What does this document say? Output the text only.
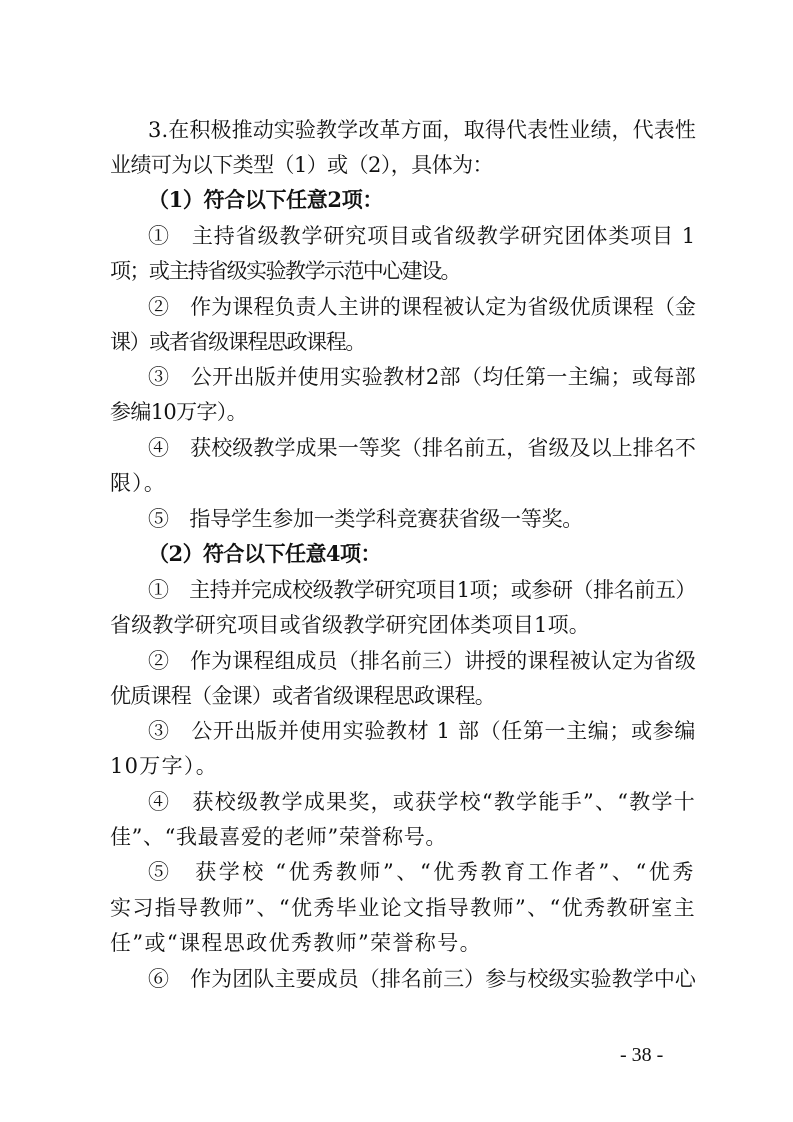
3.在积极推动实验教学改革方面，取得代表性业绩，代表性
业绩可为以下类型（1）或（2），具体为：
（1）符合以下任意2项：
①　主持省级教学研究项目或省级教学研究团体类项目 1
项；或主持省级实验教学示范中心建设。
②　作为课程负责人主讲的课程被认定为省级优质课程（金
课）或者省级课程思政课程。
③　公开出版并使用实验教材2部（均任第一主编；或每部
参编10万字）。
④　获校级教学成果一等奖（排名前五，省级及以上排名不
限）。
⑤　指导学生参加一类学科竞赛获省级一等奖。
（2）符合以下任意4项：
①　主持并完成校级教学研究项目1项；或参研（排名前五）
省级教学研究项目或省级教学研究团体类项目1项。
②　作为课程组成员（排名前三）讲授的课程被认定为省级
优质课程（金课）或者省级课程思政课程。
③　公开出版并使用实验教材 1 部（任第一主编；或参编
10万字）。
④　获校级教学成果奖，或获学校“教学能手”、“教学十
佳”、“我最喜爱的老师”荣誉称号。
⑤　获学校 “优秀教师”、“优秀教育工作者”、“优秀
实习指导教师”、“优秀毕业论文指导教师”、“优秀教研室主
任”或“课程思政优秀教师”荣誉称号。
⑥　作为团队主要成员（排名前三）参与校级实验教学中心
- 38 -
